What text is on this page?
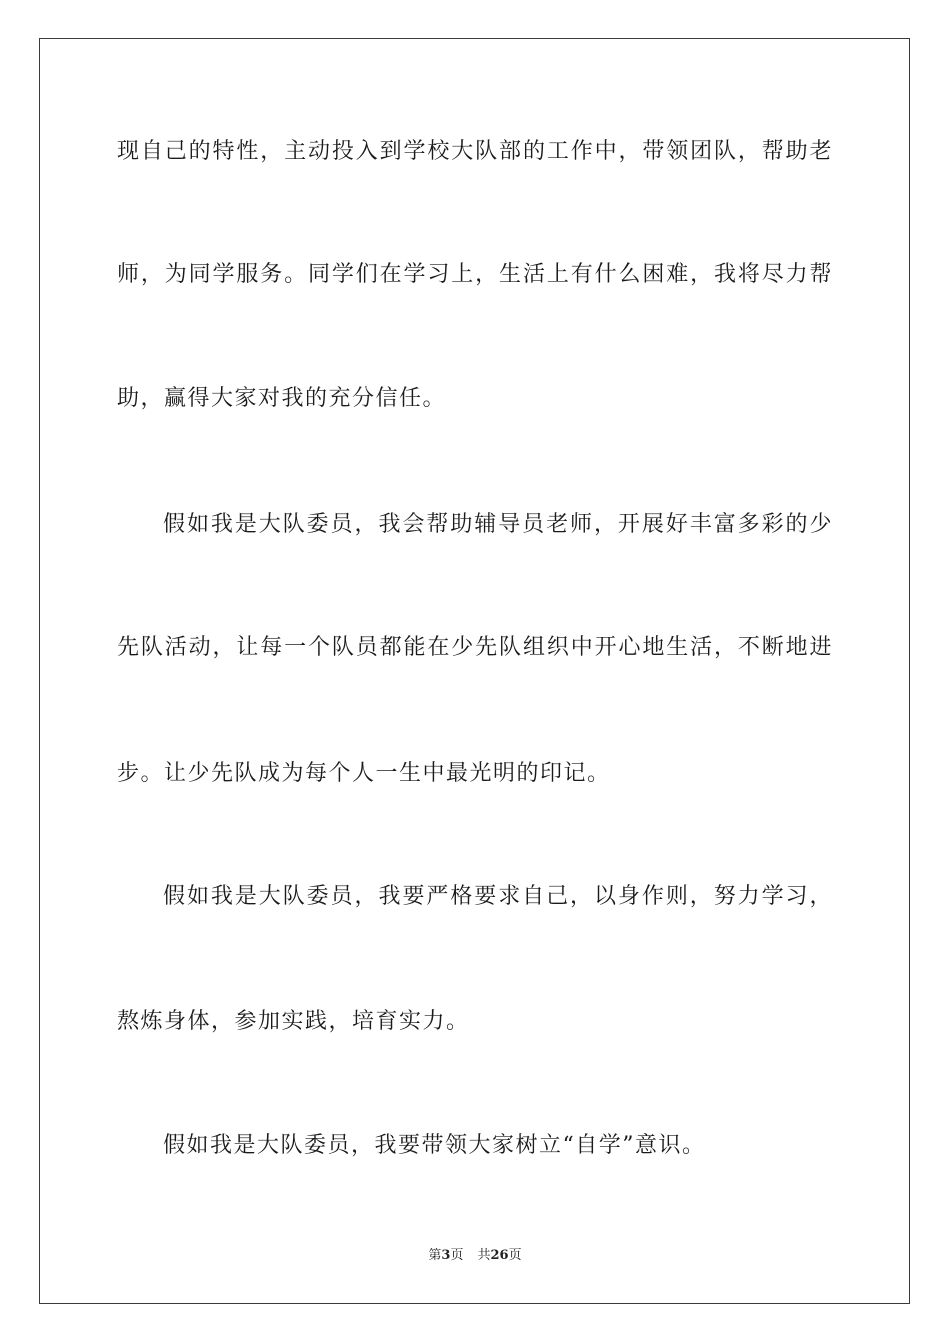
现自己的特性，主动投入到学校大队部的工作中，带领团队，帮助老
师，为同学服务。同学们在学习上，生活上有什么困难，我将尽力帮
助，赢得大家对我的充分信任。
假如我是大队委员，我会帮助辅导员老师，开展好丰富多彩的少
先队活动，让每一个队员都能在少先队组织中开心地生活，不断地进
步。让少先队成为每个人一生中最光明的印记。
假如我是大队委员，我要严格要求自己，以身作则，努力学习，
熬炼身体，参加实践，培育实力。
假如我是大队委员，我要带领大家树立“自学”意识。
第3页 共26页
